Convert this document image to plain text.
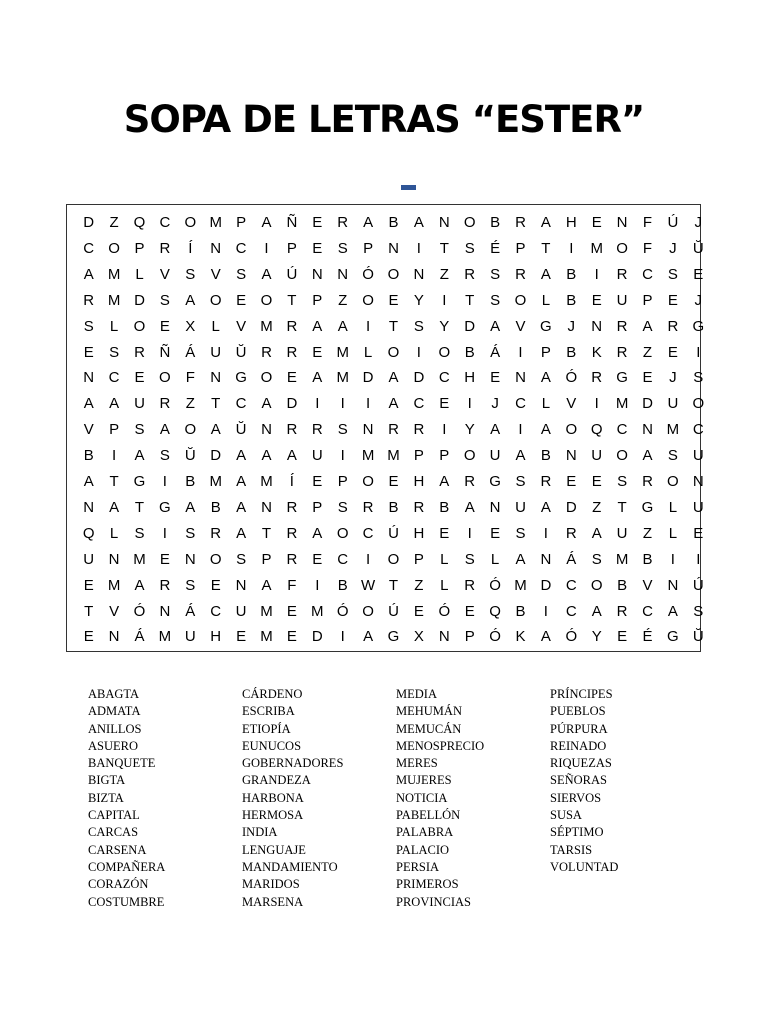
SOPA DE LETRAS “ESTER”
D	Z Q C O M P	A Ñ E R A	B	A N O B R A H E N	F	Ú	J
C O P R	Í	N C	I	P	E	S	P N	I	T	S	É	P	T	I	M O F	J	Ŭ
A M L	V	S	V	S	A Ú N N Ó O N	Z	R S R A	B	I	R C S	E
R M D S	A O E O T	P	Z O E	Y	I	T	S O	L	B	E U P	E	J
S	L	O E	X	L	V M R A	A	I	T	S	Y D A	V G	J	N R A R G
E	S R Ñ Á U Ŭ R R E M L	O	I	O B	Á	I	P	B	K R	Z	E	I
N C E O F	N G O E	A M D A D C H E N A Ó R G E	J	S
A	A U R	Z	T	C A D	I	I	I	A C E	I	J	C	L	V	I	M D U O
V	P	S	A O A Ŭ N R R S N R R	I	Y	A	I	A O Q C N M C
B	I	A	S Ŭ D A	A	A U	I	M M P	P O U A	B N U O A	S U
A	T G	I	B M A M	Í	E	P O E H A R G S R E	E	S R O N
N A	T G A	B	A N R P	S R B R B	A N U A D	Z	T G	L	U
Q	L	S	I	S R A	T	R A O C Ú H E	I	E	S	I	R A U	Z	L	E
U N M E N O S	P R E C	I	O P	L	S	L	A N Á	S M B	I	I
E M A R S	E N A	F	I	B W T	Z	L	R Ó M D C O B	V N Ú
T	V Ó N Á C U M E M Ó O Ú E Ó E Q B	I	C A R C A	S
E N Á M U H E M E D	I	A G X N P Ó K	A Ó Y	E	É G Ŭ
ABAGTA
ADMATA
ANILLOS
ASUERO
BANQUETE
BIGTA
BIZTA
CAPITAL
CARCAS
CARSENA
COMPAÑERA
CORAZÓN
COSTUMBRE
CÁRDENO
ESCRIBA
ETIOPÍA
EUNUCOS
GOBERNADORES
GRANDEZA
HARBONA
HERMOSA
INDIA
LENGUAJE
MANDAMIENTO
MARIDOS
MARSENA
MEDIA
MEHUMÁN
MEMUCÁN
MENOSPRECIO
MERES
MUJERES
NOTICIA
PABELLÓN
PALABRA
PALACIO
PERSIA
PRIMEROS
PROVINCIAS
PRÍNCIPES
PUEBLOS
PÚRPURA
REINADO
RIQUEZAS
SEÑORAS
SIERVOS
SUSA
SÉPTIMO
TARSIS
VOLUNTAD
